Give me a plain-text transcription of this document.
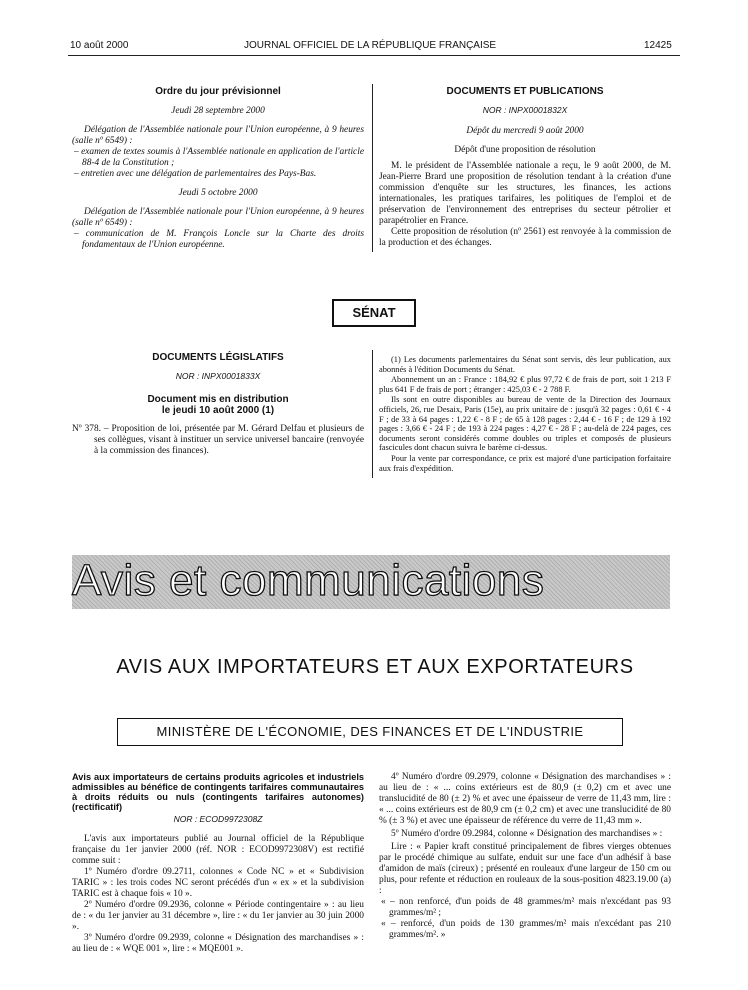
10 août 2000	JOURNAL OFFICIEL DE LA RÉPUBLIQUE FRANÇAISE	12425

Ordre du jour prévisionnel

Jeudi 28 septembre 2000

Délégation de l'Assemblée nationale pour l'Union européenne, à 9 heures (salle nº 6549) :

– examen de textes soumis à l'Assemblée nationale en application de l'article 88-4 de la Constitution ;

– entretien avec une délégation de parlementaires des Pays-Bas.

Jeudi 5 octobre 2000

Délégation de l'Assemblée nationale pour l'Union européenne, à 9 heures (salle nº 6549) :

– communication de M. François Loncle sur la Charte des droits fondamentaux de l'Union européenne.

DOCUMENTS ET PUBLICATIONS

NOR : INPX0001832X

Dépôt du mercredi 9 août 2000

Dépôt d'une proposition de résolution

M. le président de l'Assemblée nationale a reçu, le 9 août 2000, de M. Jean-Pierre Brard une proposition de résolution tendant à la création d'une commission d'enquête sur les structures, les finances, les actions internationales, les pratiques tarifaires, les politiques de l'emploi et de préservation de l'environnement des entreprises du secteur pétrolier et parapétrolier en France.

Cette proposition de résolution (nº 2561) est renvoyée à la commission de la production et des échanges.

SÉNAT

DOCUMENTS LÉGISLATIFS

NOR : INPX0001833X

Document mis en distribution

le jeudi 10 août 2000 (1)

Nº 378. – Proposition de loi, présentée par M. Gérard Delfau et plusieurs de ses collègues, visant à instituer un service universel bancaire (renvoyée à la commission des finances).

(1) Les documents parlementaires du Sénat sont servis, dès leur publication, aux abonnés à l'édition Documents du Sénat.

Abonnement un an : France : 184,92 € plus 97,72 € de frais de port, soit 1 213 F plus 641 F de frais de port ; étranger : 425,03 € - 2 788 F.

Ils sont en outre disponibles au bureau de vente de la Direction des Journaux officiels, 26, rue Desaix, Paris (15e), au prix unitaire de : jusqu'à 32 pages : 0,61 € - 4 F ; de 33 à 64 pages : 1,22 € - 8 F ; de 65 à 128 pages : 2,44 € - 16 F ; de 129 à 192 pages : 3,66 € - 24 F ; de 193 à 224 pages : 4,27 € - 28 F ; au-delà de 224 pages, ces documents seront considérés comme doubles ou triples et composés de plusieurs fascicules dont chacun suivra le barème ci-dessus.

Pour la vente par correspondance, ce prix est majoré d'une participation forfaitaire aux frais d'expédition.

Avis et communications
AVIS AUX IMPORTATEURS ET AUX EXPORTATEURS
MINISTÈRE DE L'ÉCONOMIE, DES FINANCES ET DE L'INDUSTRIE

Avis aux importateurs de certains produits agricoles et industriels admissibles au bénéfice de contingents tarifaires communautaires à droits réduits ou nuls (contingents tarifaires autonomes) (rectificatif)

NOR : ECOD9972308Z

L'avis aux importateurs publié au Journal officiel de la République française du 1er janvier 2000 (réf. NOR : ECOD9972308V) est rectifié comme suit :

1º Numéro d'ordre 09.2711, colonnes « Code NC » et « Subdivision TARIC » : les trois codes NC seront précédés d'un « ex » et la subdivision TARIC est à chaque fois « 10 ».

2º Numéro d'ordre 09.2936, colonne « Période contingentaire » : au lieu de : « du 1er janvier au 31 décembre », lire : « du 1er janvier au 30 juin 2000 ».

3º Numéro d'ordre 09.2939, colonne « Désignation des marchandises » : au lieu de : « WQE 001 », lire : « MQE001 ».

4º Numéro d'ordre 09.2979, colonne « Désignation des marchandises » : au lieu de : « ... coins extérieurs est de 80,9 (± 0,2) cm et avec une translucidité de 80 (± 2) % et avec une épaisseur de verre de 11,43 mm, lire : « ... coins extérieurs est de 80,9 cm (± 0,2 cm) et avec une translucidité de 80 % (± 3 %) et avec une épaisseur de référence du verre de 11,43 mm ».

5º Numéro d'ordre 09.2984, colonne « Désignation des marchandises » :

Lire : « Papier kraft constitué principalement de fibres vierges obtenues par le procédé chimique au sulfate, enduit sur une face d'un adhésif à base d'amidon de maïs (cireux) ; présenté en rouleaux d'une largeur de 150 cm ou plus, pour refente et réduction en rouleaux de la sous-position 4823.19.00 (a) :

« – non renforcé, d'un poids de 48 grammes/m² mais n'excédant pas 93 grammes/m² ;

« – renforcé, d'un poids de 130 grammes/m² mais n'excédant pas 210 grammes/m². »
